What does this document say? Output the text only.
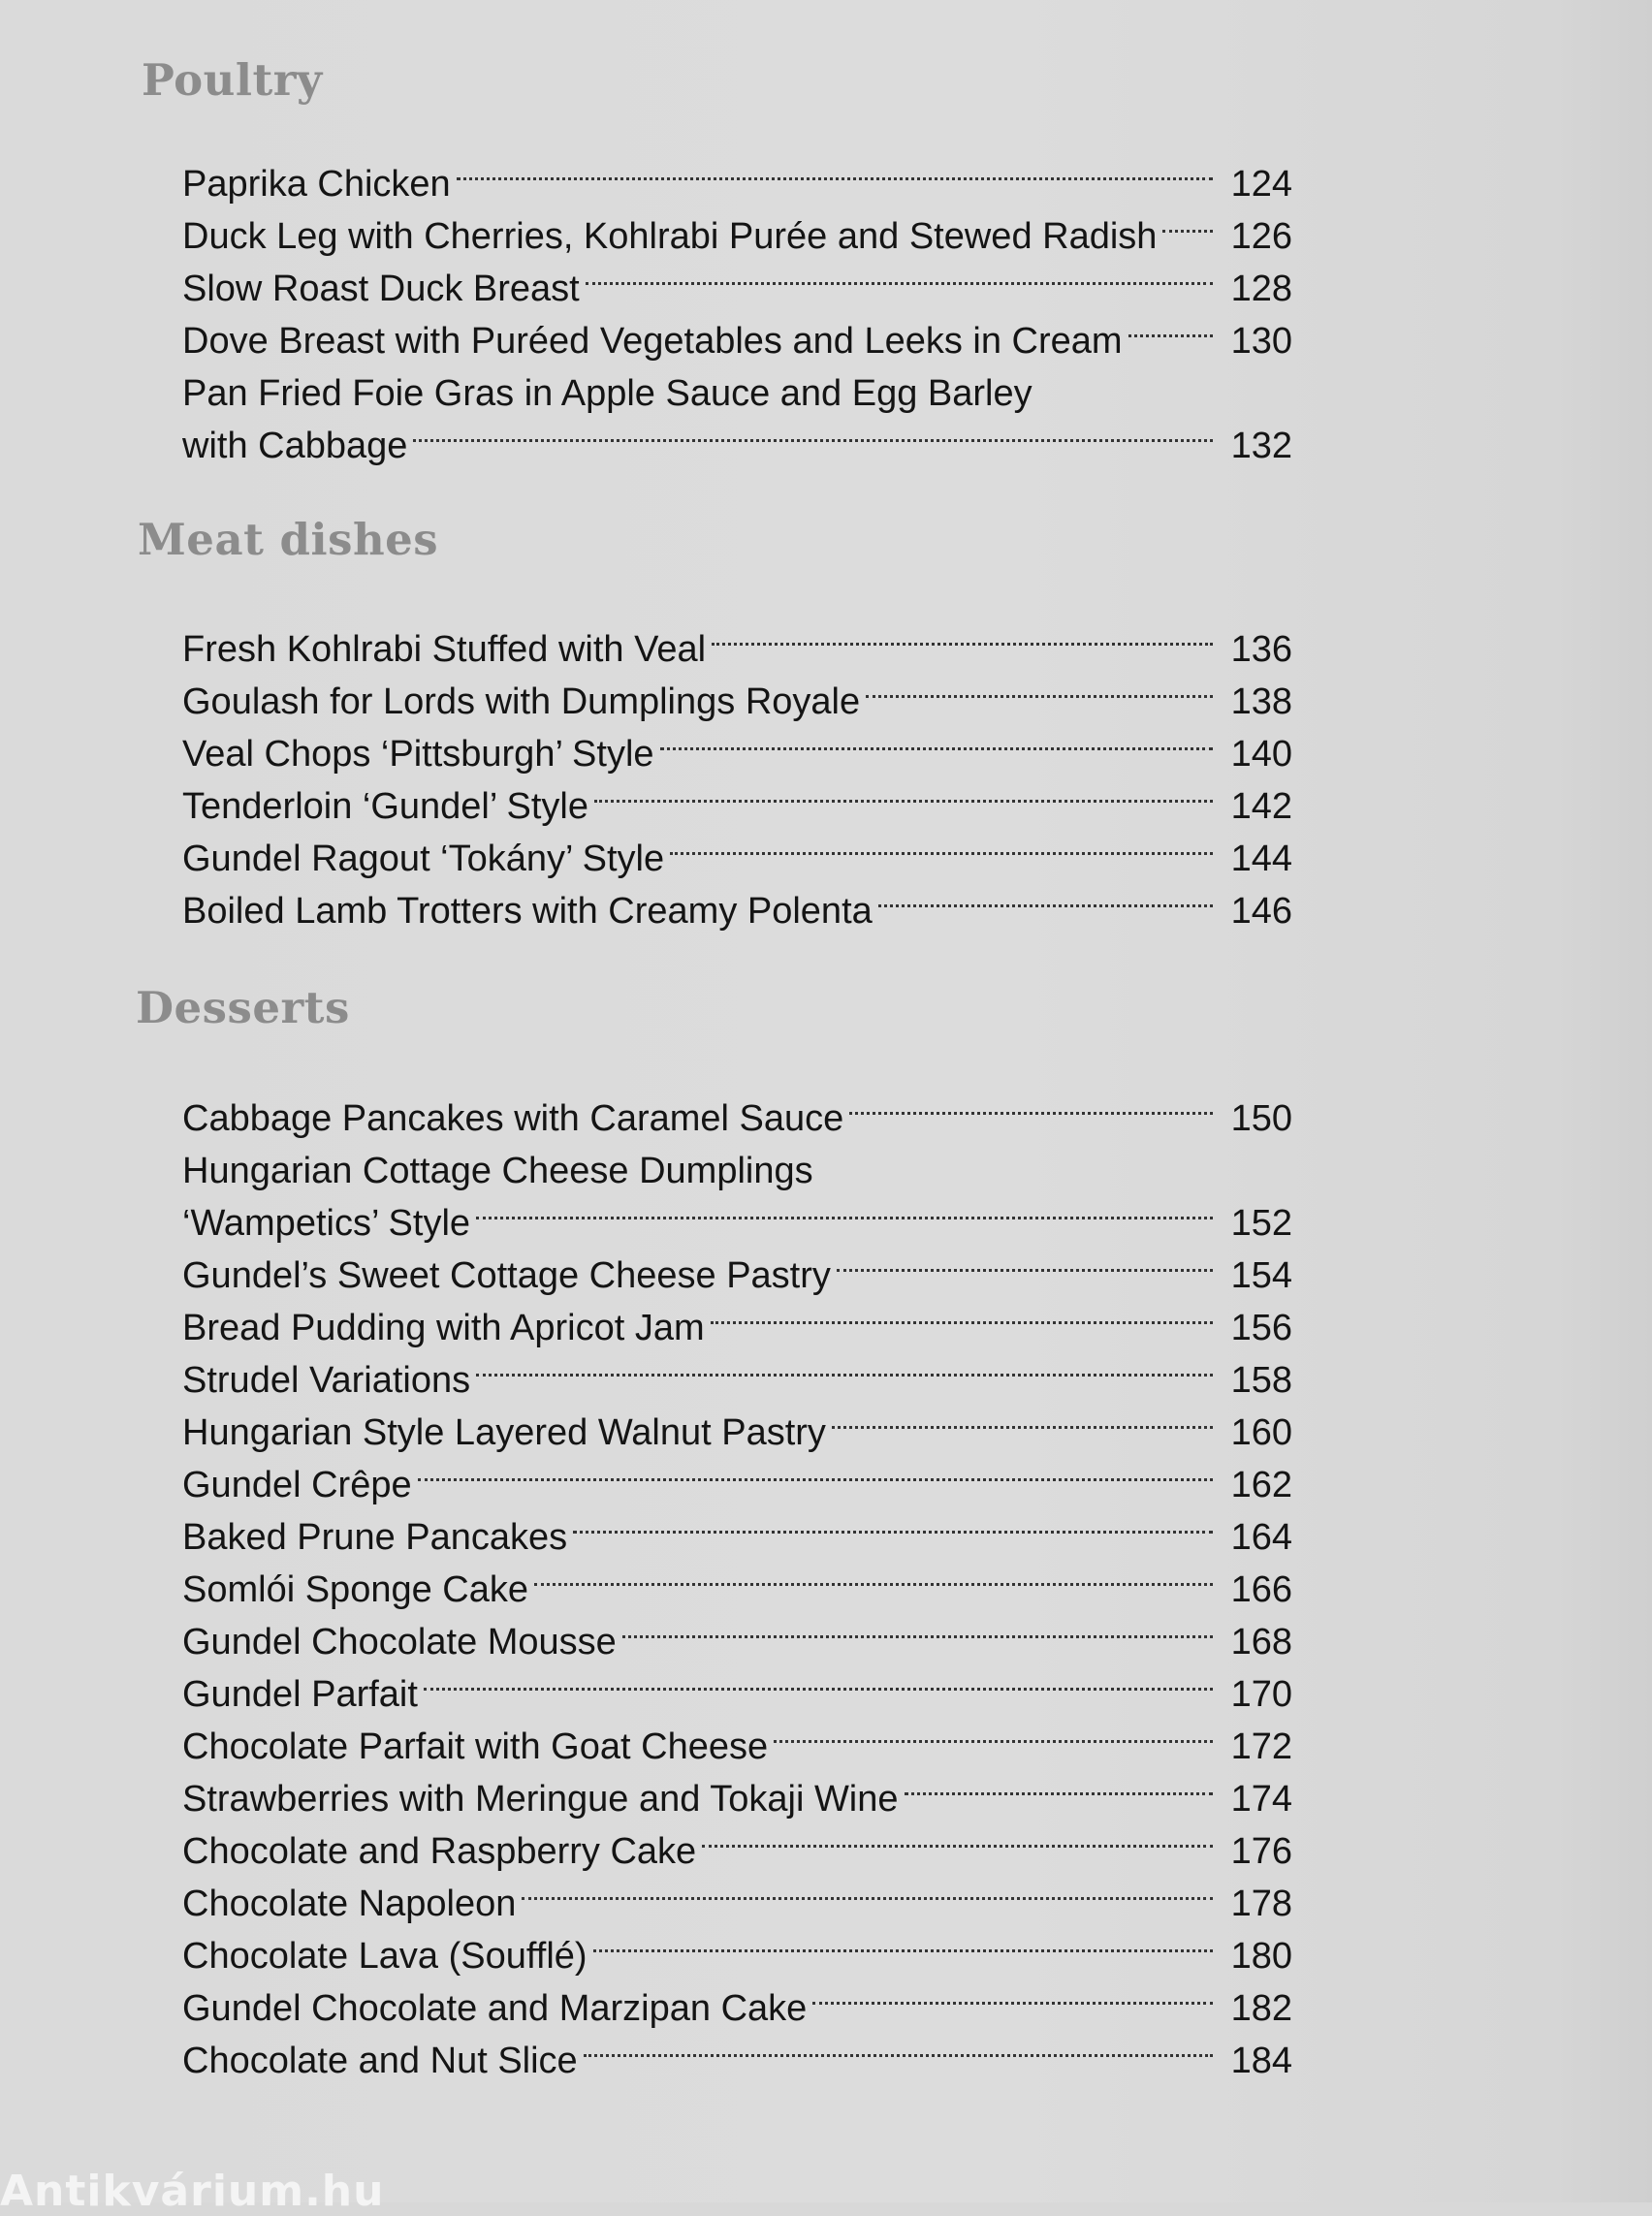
Poultry
Paprika Chicken	124
Duck Leg with Cherries, Kohlrabi Purée and Stewed Radish 126
Slow Roast Duck Breast	128
Dove Breast with Puréed Vegetables and Leeks in Cream	130
Pan Fried Foie Gras in Apple Sauce and Egg Barley
with Cabbage	132
Meat dishes
Fresh Kohlrabi Stuffed with Veal	136
Goulash for Lords with Dumplings Royale	138
Veal Chops ‘Pittsburgh’ Style	140
Tenderloin ‘Gundel’ Style	142
Gundel Ragout ‘Tokány’ Style	144
Boiled Lamb Trotters with Creamy Polenta	146
Desserts
Cabbage Pancakes with Caramel Sauce	150
Hungarian Cottage Cheese Dumplings
‘Wampetics’ Style	152
Gundel’s Sweet Cottage Cheese Pastry	154
Bread Pudding with Apricot Jam	156
Strudel Variations	158
Hungarian Style Layered Walnut Pastry	160
Gundel Crêpe	162
Baked Prune Pancakes	164
Somlói Sponge Cake	166
Gundel Chocolate Mousse	168
Gundel Parfait	170
Chocolate Parfait with Goat Cheese	172
Strawberries with Meringue and Tokaji Wine	174
Chocolate and Raspberry Cake	176
Chocolate Napoleon	178
Chocolate Lava (Soufflé)	180
Gundel Chocolate and Marzipan Cake	182
Chocolate and Nut Slice	184
Antikvárium.hu
